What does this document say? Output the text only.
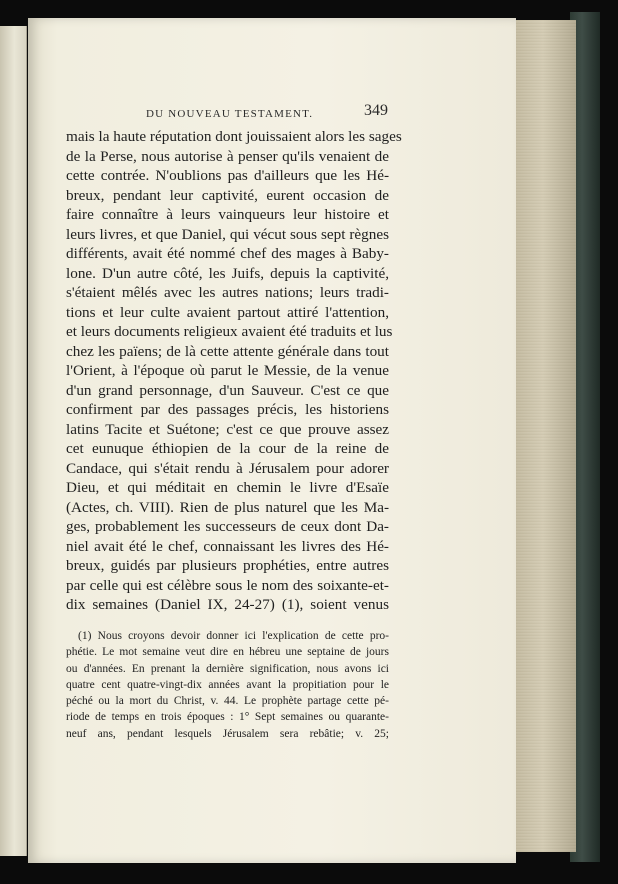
DU NOUVEAU TESTAMENT.	349
mais la haute réputation dont jouissaient alors les sages
de la Perse, nous autorise à penser qu'ils venaient de
cette contrée. N'oublions pas d'ailleurs que les Hé-
breux, pendant leur captivité, eurent occasion de
faire connaître à leurs vainqueurs leur histoire et
leurs livres, et que Daniel, qui vécut sous sept règnes
différents, avait été nommé chef des mages à Baby-
lone. D'un autre côté, les Juifs, depuis la captivité,
s'étaient mêlés avec les autres nations; leurs tradi-
tions et leur culte avaient partout attiré l'attention,
et leurs documents religieux avaient été traduits et lus
chez les païens; de là cette attente générale dans tout
l'Orient, à l'époque où parut le Messie, de la venue
d'un grand personnage, d'un Sauveur. C'est ce que
confirment par des passages précis, les historiens
latins Tacite et Suétone; c'est ce que prouve assez
cet eunuque éthiopien de la cour de la reine de
Candace, qui s'était rendu à Jérusalem pour adorer
Dieu, et qui méditait en chemin le livre d'Esaïe
(Actes, ch. VIII). Rien de plus naturel que les Ma-
ges, probablement les successeurs de ceux dont Da-
niel avait été le chef, connaissant les livres des Hé-
breux, guidés par plusieurs prophéties, entre autres
par celle qui est célèbre sous le nom des soixante-et-
dix semaines (Daniel IX, 24-27) (1), soient venus
(1) Nous croyons devoir donner ici l'explication de cette pro-
phétie. Le mot semaine veut dire en hébreu une septaine de jours
ou d'années. En prenant la dernière signification, nous avons ici
quatre cent quatre-vingt-dix années avant la propitiation pour le
péché ou la mort du Christ, v. 44. Le prophète partage cette pé-
riode de temps en trois époques : 1° Sept semaines ou quarante-
neuf ans, pendant lesquels Jérusalem sera rebâtie; v. 25;
